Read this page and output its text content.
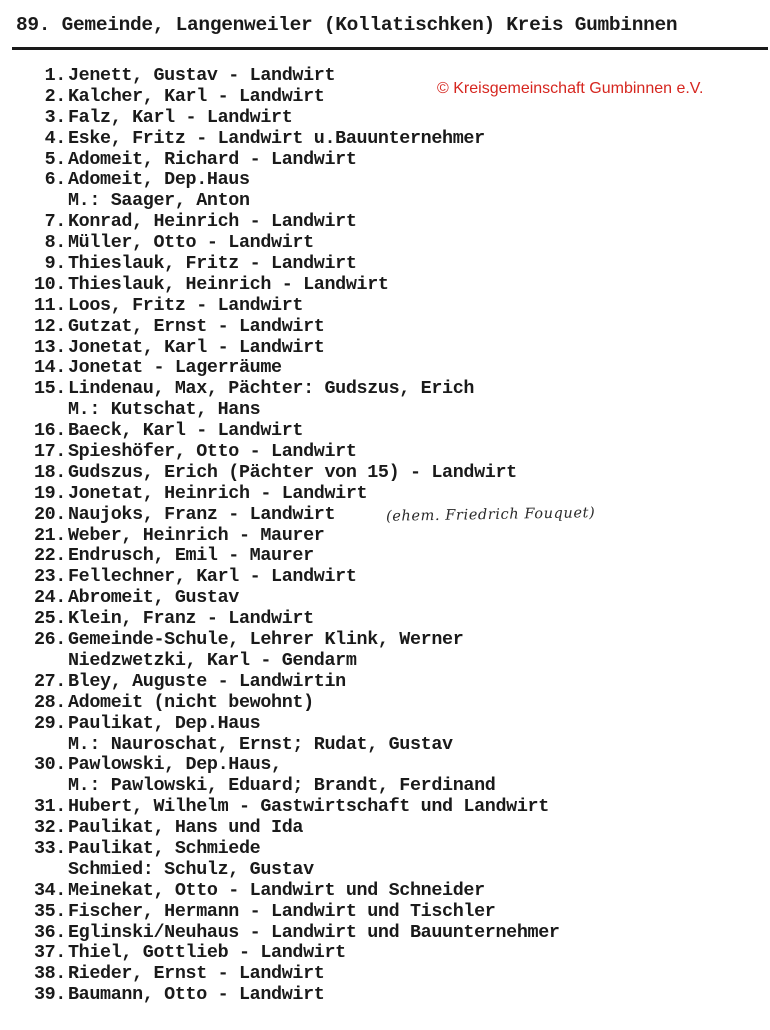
89. Gemeinde, Langenweiler (Kollatischken) Kreis Gumbinnen
© Kreisgemeinschaft Gumbinnen e.V.
1. Jenett, Gustav - Landwirt
2. Kalcher, Karl - Landwirt
3. Falz, Karl - Landwirt
4. Eske, Fritz - Landwirt u.Bauunternehmer
5. Adomeit, Richard - Landwirt
6. Adomeit, Dep.Haus
M.: Saager, Anton
7. Konrad, Heinrich - Landwirt
8. Müller, Otto - Landwirt
9. Thieslauk, Fritz - Landwirt
10. Thieslauk, Heinrich - Landwirt
11. Loos, Fritz - Landwirt
12. Gutzat, Ernst - Landwirt
13. Jonetat, Karl - Landwirt
14. Jonetat - Lagerräume
15. Lindenau, Max, Pächter: Gudszus, Erich
M.: Kutschat, Hans
16. Baeck, Karl - Landwirt
17. Spieshöfer, Otto - Landwirt
18. Gudszus, Erich (Pächter von 15) - Landwirt
19. Jonetat, Heinrich - Landwirt
20. Naujoks, Franz - Landwirt
21. Weber, Heinrich - Maurer
22. Endrusch, Emil - Maurer
23. Fellechner, Karl - Landwirt
24. Abromeit, Gustav
25. Klein, Franz - Landwirt
26. Gemeinde-Schule, Lehrer Klink, Werner
Niedzwetzki, Karl - Gendarm
27. Bley, Auguste - Landwirtin
28. Adomeit (nicht bewohnt)
29. Paulikat, Dep.Haus
M.: Nauroschat, Ernst; Rudat, Gustav
30. Pawlowski, Dep.Haus,
M.: Pawlowski, Eduard; Brandt, Ferdinand
31. Hubert, Wilhelm - Gastwirtschaft und Landwirt
32. Paulikat, Hans und Ida
33. Paulikat, Schmiede
Schmied: Schulz, Gustav
34. Meinekat, Otto - Landwirt und Schneider
35. Fischer, Hermann - Landwirt und Tischler
36. Eglinski/Neuhaus - Landwirt und Bauunternehmer
37. Thiel, Gottlieb - Landwirt
38. Rieder, Ernst - Landwirt
39. Baumann, Otto - Landwirt
(ehem. Friedrich Fouquet)
